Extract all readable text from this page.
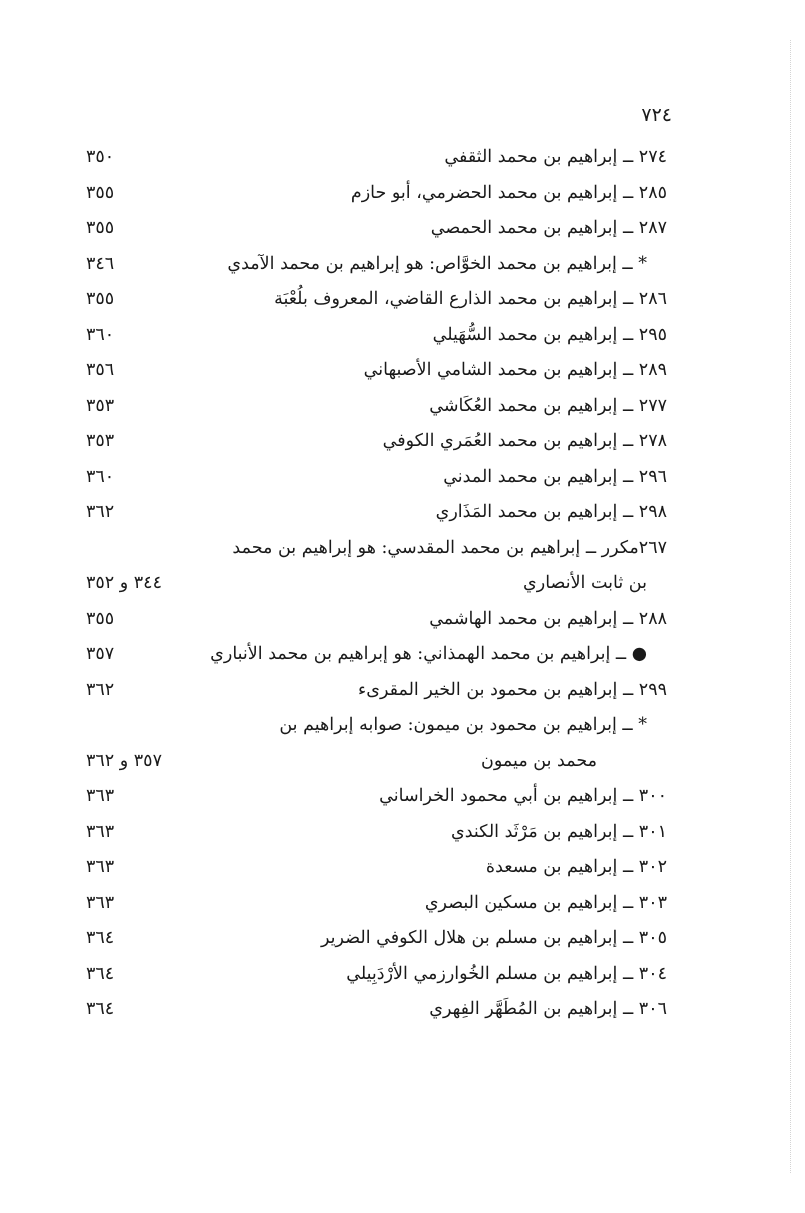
٧٢٤
٢٧٤ ــ إبراهيم بن محمد الثقفي
٣٥٠
٢٨٥ ــ إبراهيم بن محمد الحضرمي، أبو حازم
٣٥٥
٢٨٧ ــ إبراهيم بن محمد الحمصي
٣٥٥
* ــ إبراهيم بن محمد الخوَّاص: هو إبراهيم بن محمد الآمدي
٣٤٦
٢٨٦ ــ إبراهيم بن محمد الذارع القاضي، المعروف بلُعْبَة
٣٥٥
٢٩٥ ــ إبراهيم بن محمد السُّهَيلي
٣٦٠
٢٨٩ ــ إبراهيم بن محمد الشامي الأصبهاني
٣٥٦
٢٧٧ ــ إبراهيم بن محمد العُكَاشي
٣٥٣
٢٧٨ ــ إبراهيم بن محمد العُمَري الكوفي
٣٥٣
٢٩٦ ــ إبراهيم بن محمد المدني
٣٦٠
٢٩٨ ــ إبراهيم بن محمد المَذَاري
٣٦٢
٢٦٧مكرر ــ إبراهيم بن محمد المقدسي: هو إبراهيم بن محمد
بن ثابت الأنصاري
٣٤٤ و ٣٥٢
٢٨٨ ــ إبراهيم بن محمد الهاشمي
٣٥٥
● ــ إبراهيم بن محمد الهمذاني: هو إبراهيم بن محمد الأنباري
٣٥٧
٢٩٩ ــ إبراهيم بن محمود بن الخير المقرىء
٣٦٢
* ــ إبراهيم بن محمود بن ميمون: صوابه إبراهيم بن
محمد بن ميمون
٣٥٧ و ٣٦٢
٣٠٠ ــ إبراهيم بن أبي محمود الخراساني
٣٦٣
٣٠١ ــ إبراهيم بن مَرْثَد الكندي
٣٦٣
٣٠٢ ــ إبراهيم بن مسعدة
٣٦٣
٣٠٣ ــ إبراهيم بن مسكين البصري
٣٦٣
٣٠٥ ــ إبراهيم بن مسلم بن هلال الكوفي الضرير
٣٦٤
٣٠٤ ــ إبراهيم بن مسلم الخُوارزمي الأرْدَبِيلي
٣٦٤
٣٠٦ ــ إبراهيم بن المُطَهَّر الفِهري
٣٦٤
